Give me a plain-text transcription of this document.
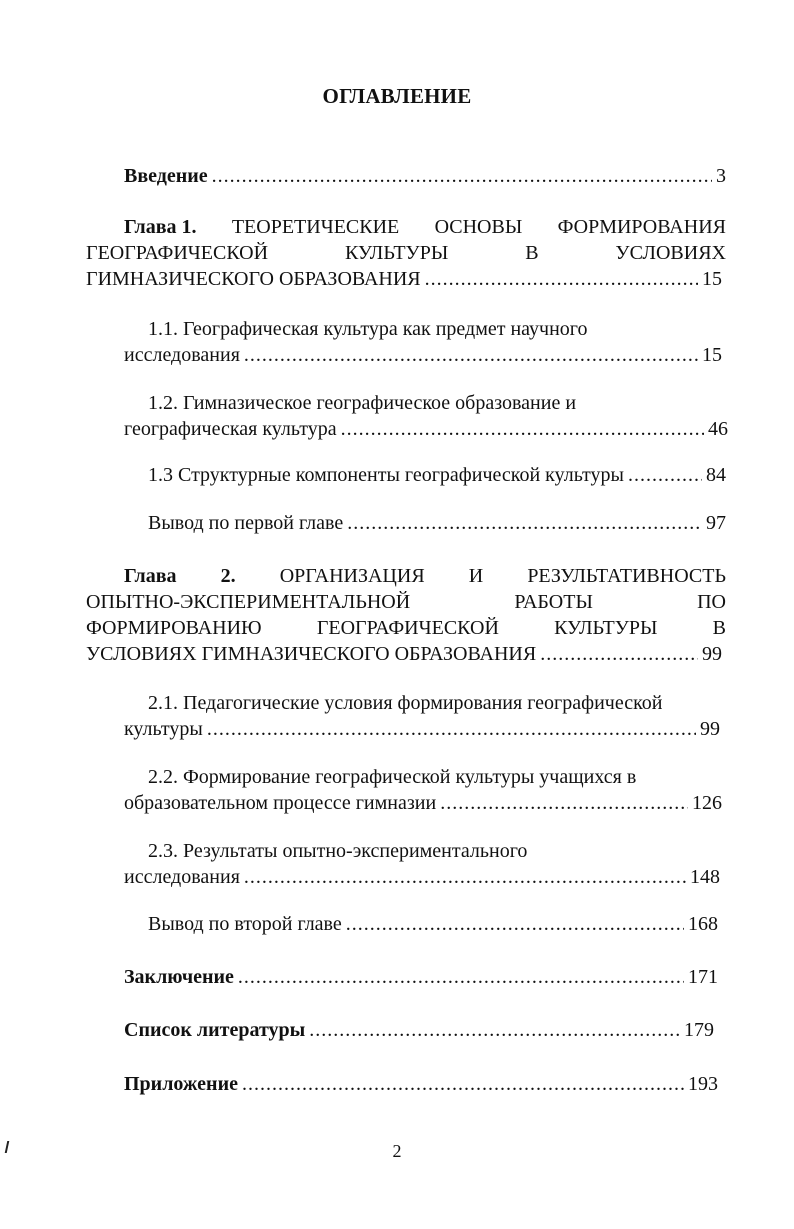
ОГЛАВЛЕНИЕ
Введение .....	3
Глава 1. ТЕОРЕТИЧЕСКИЕ ОСНОВЫ ФОРМИРОВАНИЯ
ГЕОГРАФИЧЕСКОЙ	КУЛЬТУРЫ	В	УСЛОВИЯХ
ГИМНАЗИЧЕСКОГО ОБРАЗОВАНИЯ .....	15
1.1. Географическая культура как предмет научного
исследования .....	15
1.2. Гимназическое географическое образование и
географическая культура .....	46
1.3 Структурные компоненты географической культуры .....	84
Вывод по первой главе .....	97
Глава 2. ОРГАНИЗАЦИЯ И РЕЗУЛЬТАТИВНОСТЬ
ОПЫТНО-ЭКСПЕРИМЕНТАЛЬНОЙ	РАБОТЫ	ПО
ФОРМИРОВАНИЮ	ГЕОГРАФИЧЕСКОЙ	КУЛЬТУРЫ	В
УСЛОВИЯХ ГИМНАЗИЧЕСКОГО ОБРАЗОВАНИЯ .....	99
2.1. Педагогические условия формирования географической
культуры .....	99
2.2. Формирование географической культуры учащихся в
образовательном процессе гимназии .....	126
2.3. Результаты опытно-экспериментального
исследования .....	148
Вывод по второй главе .....	168
Заключение .....	171
Список литературы .....	179
Приложение .....	193
2
